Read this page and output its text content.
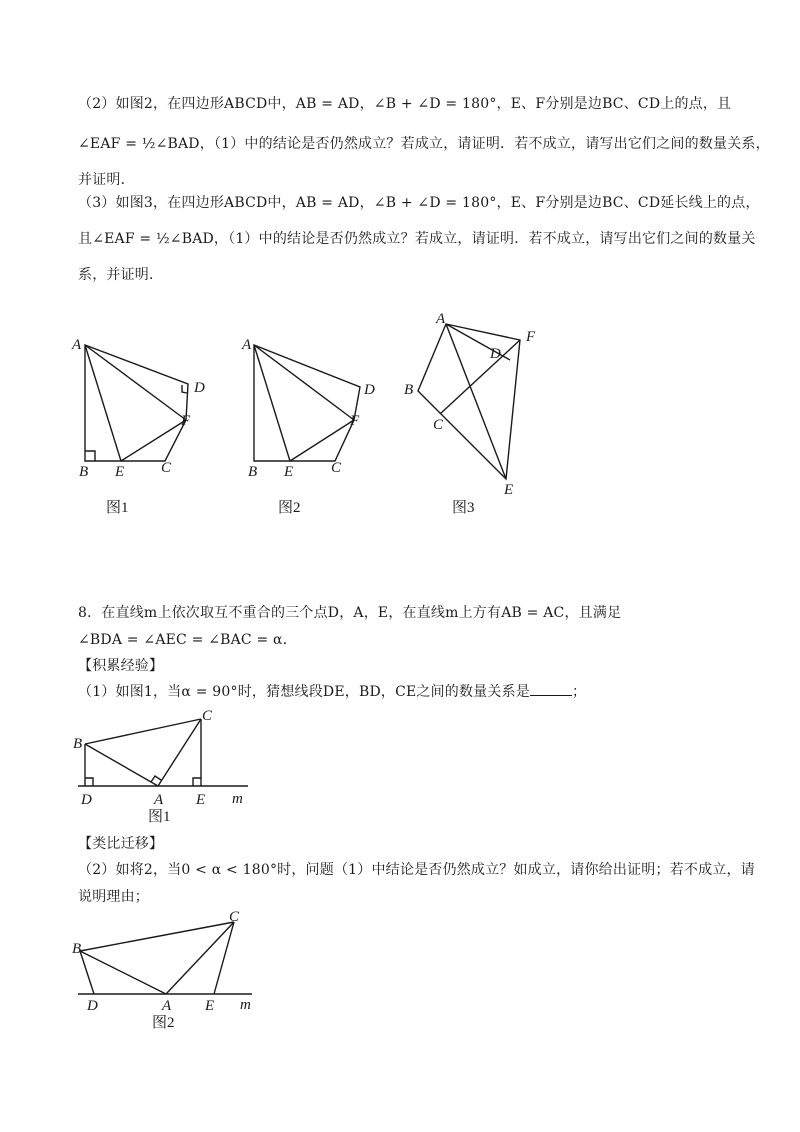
（2）如图2，在四边形ABCD中，AB = AD，∠B + ∠D = 180°，E、F分别是边BC、CD上的点，且
∠EAF = ½∠BAD，（1）中的结论是否仍然成立？若成立，请证明．若不成立，请写出它们之间的数量关系，
并证明．
（3）如图3，在四边形ABCD中，AB = AD，∠B + ∠D = 180°，E、F分别是边BC、CD延长线上的点，
且∠EAF = ½∠BAD，（1）中的结论是否仍然成立？若成立，请证明．若不成立，请写出它们之间的数量关
系，并证明．
A
B E C
F
D
图1
A
B E	C
F
D
图2
A
B
C
D
F
E
图3
8．在直线m上依次取互不重合的三个点D，A，E，在直线m上方有AB = AC，且满足
∠BDA = ∠AEC = ∠BAC = α．
【积累经验】
（1）如图1，当α = 90°时，猜想线段DE，BD，CE之间的数量关系是	；
B
C
D	A E m
图1
【类比迁移】
（2）如将2，当0 < α < 180°时，问题（1）中结论是否仍然成立？如成立，请你给出证明；若不成立，请
说明理由；
B
C
D	A E m
图2
